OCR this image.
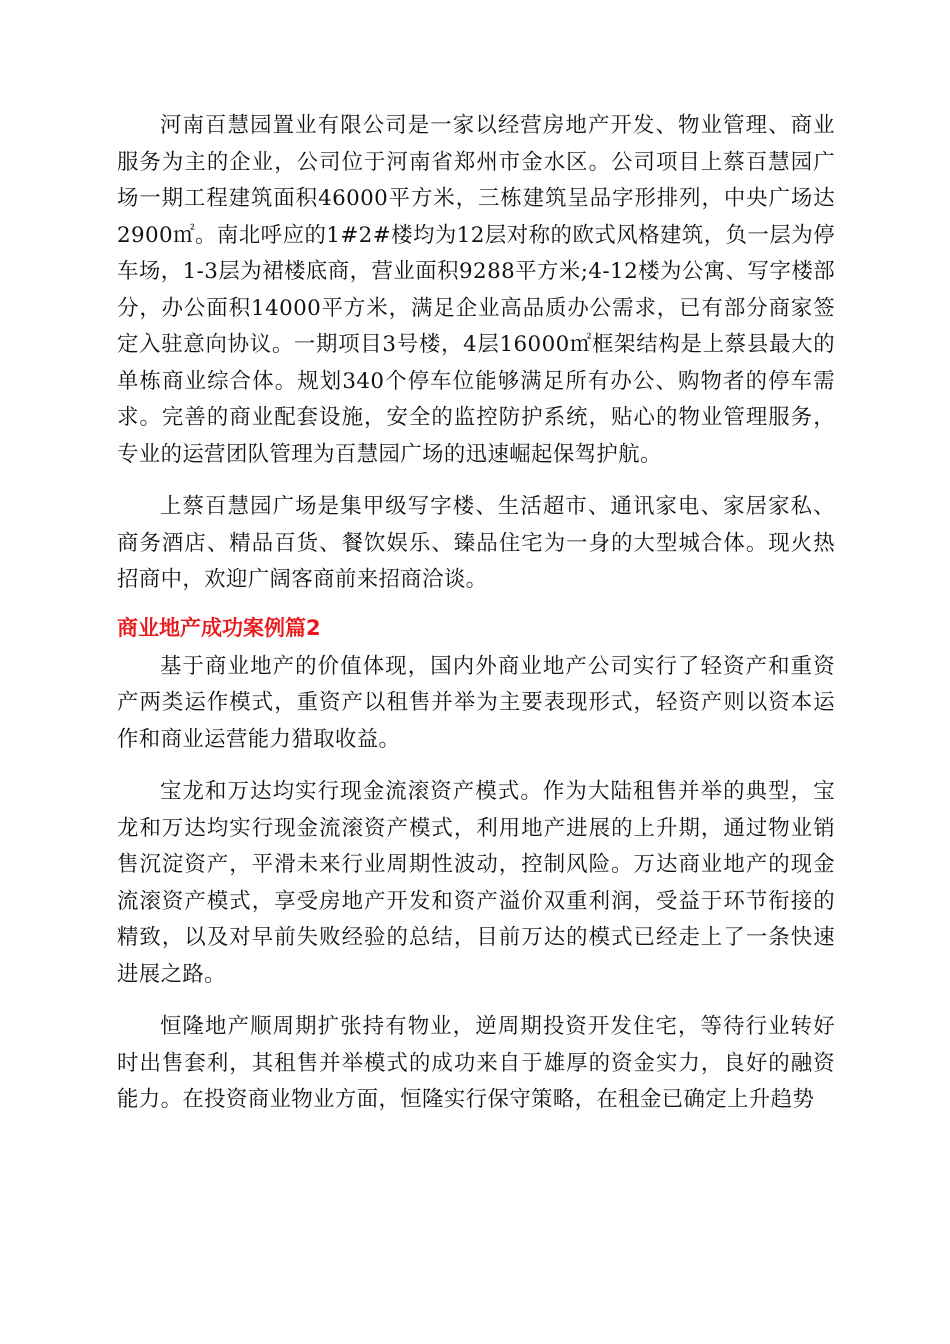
河南百慧园置业有限公司是一家以经营房地产开发、物业管理、商业服务为主的企业，公司位于河南省郑州市金水区。公司项目上蔡百慧园广场一期工程建筑面积46000平方米，三栋建筑呈品字形排列，中央广场达2900㎡。南北呼应的1#2#楼均为12层对称的欧式风格建筑，负一层为停车场，1-3层为裙楼底商，营业面积9288平方米;4-12楼为公寓、写字楼部分，办公面积14000平方米，满足企业高品质办公需求，已有部分商家签定入驻意向协议。一期项目3号楼，4层16000㎡框架结构是上蔡县最大的单栋商业综合体。规划340个停车位能够满足所有办公、购物者的停车需求。完善的商业配套设施，安全的监控防护系统，贴心的物业管理服务，专业的运营团队管理为百慧园广场的迅速崛起保驾护航。

上蔡百慧园广场是集甲级写字楼、生活超市、通讯家电、家居家私、商务酒店、精品百货、餐饮娱乐、臻品住宅为一身的大型城合体。现火热招商中，欢迎广阔客商前来招商洽谈。

商业地产成功案例篇2

基于商业地产的价值体现，国内外商业地产公司实行了轻资产和重资产两类运作模式，重资产以租售并举为主要表现形式，轻资产则以资本运作和商业运营能力猎取收益。

宝龙和万达均实行现金流滚资产模式。作为大陆租售并举的典型，宝龙和万达均实行现金流滚资产模式，利用地产进展的上升期，通过物业销售沉淀资产，平滑未来行业周期性波动，控制风险。万达商业地产的现金流滚资产模式，享受房地产开发和资产溢价双重利润，受益于环节衔接的精致，以及对早前失败经验的总结，目前万达的模式已经走上了一条快速进展之路。

恒隆地产顺周期扩张持有物业，逆周期投资开发住宅，等待行业转好时出售套利，其租售并举模式的成功来自于雄厚的资金实力，良好的融资能力。在投资商业物业方面，恒隆实行保守策略，在租金已确定上升趋势
